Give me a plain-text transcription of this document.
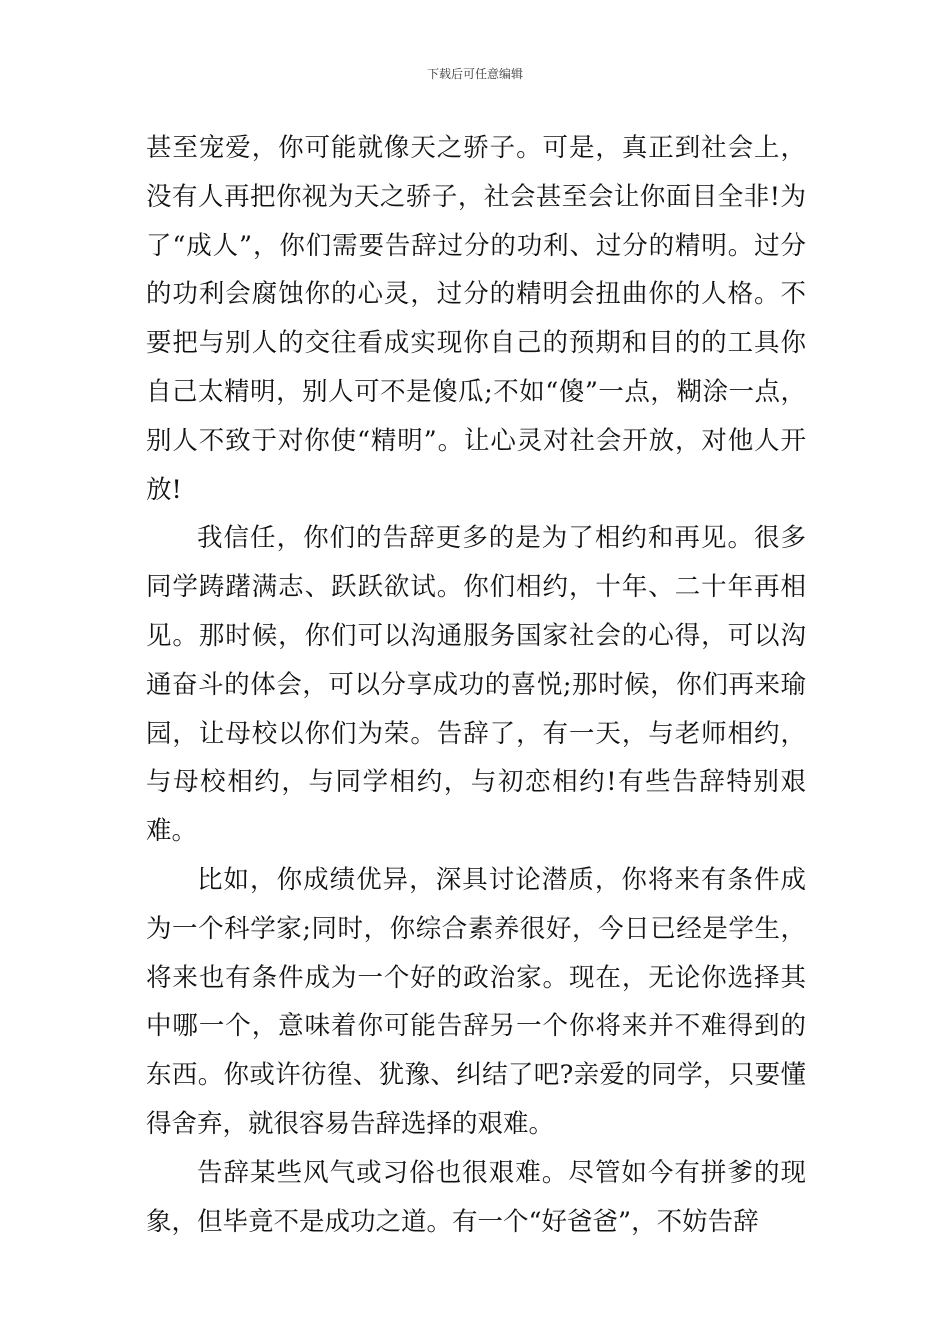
下载后可任意编辑

甚至宠爱，你可能就像天之骄子。可是，真正到社会上，没有人再把你视为天之骄子，社会甚至会让你面目全非!为了“成人”，你们需要告辞过分的功利、过分的精明。过分的功利会腐蚀你的心灵，过分的精明会扭曲你的人格。不要把与别人的交往看成实现你自己的预期和目的的工具你自己太精明，别人可不是傻瓜;不如“傻”一点，糊涂一点，别人不致于对你使“精明”。让心灵对社会开放，对他人开放!

我信任，你们的告辞更多的是为了相约和再见。很多同学踌躇满志、跃跃欲试。你们相约，十年、二十年再相见。那时候，你们可以沟通服务国家社会的心得，可以沟通奋斗的体会，可以分享成功的喜悦;那时候，你们再来瑜园，让母校以你们为荣。告辞了，有一天，与老师相约，与母校相约，与同学相约，与初恋相约!有些告辞特别艰难。

比如，你成绩优异，深具讨论潜质，你将来有条件成为一个科学家;同时，你综合素养很好，今日已经是学生，将来也有条件成为一个好的政治家。现在，无论你选择其中哪一个，意味着你可能告辞另一个你将来并不难得到的东西。你或许彷徨、犹豫、纠结了吧?亲爱的同学，只要懂得舍弃，就很容易告辞选择的艰难。

告辞某些风气或习俗也很艰难。尽管如今有拼爹的现象，但毕竟不是成功之道。有一个“好爸爸”，不妨告辞
